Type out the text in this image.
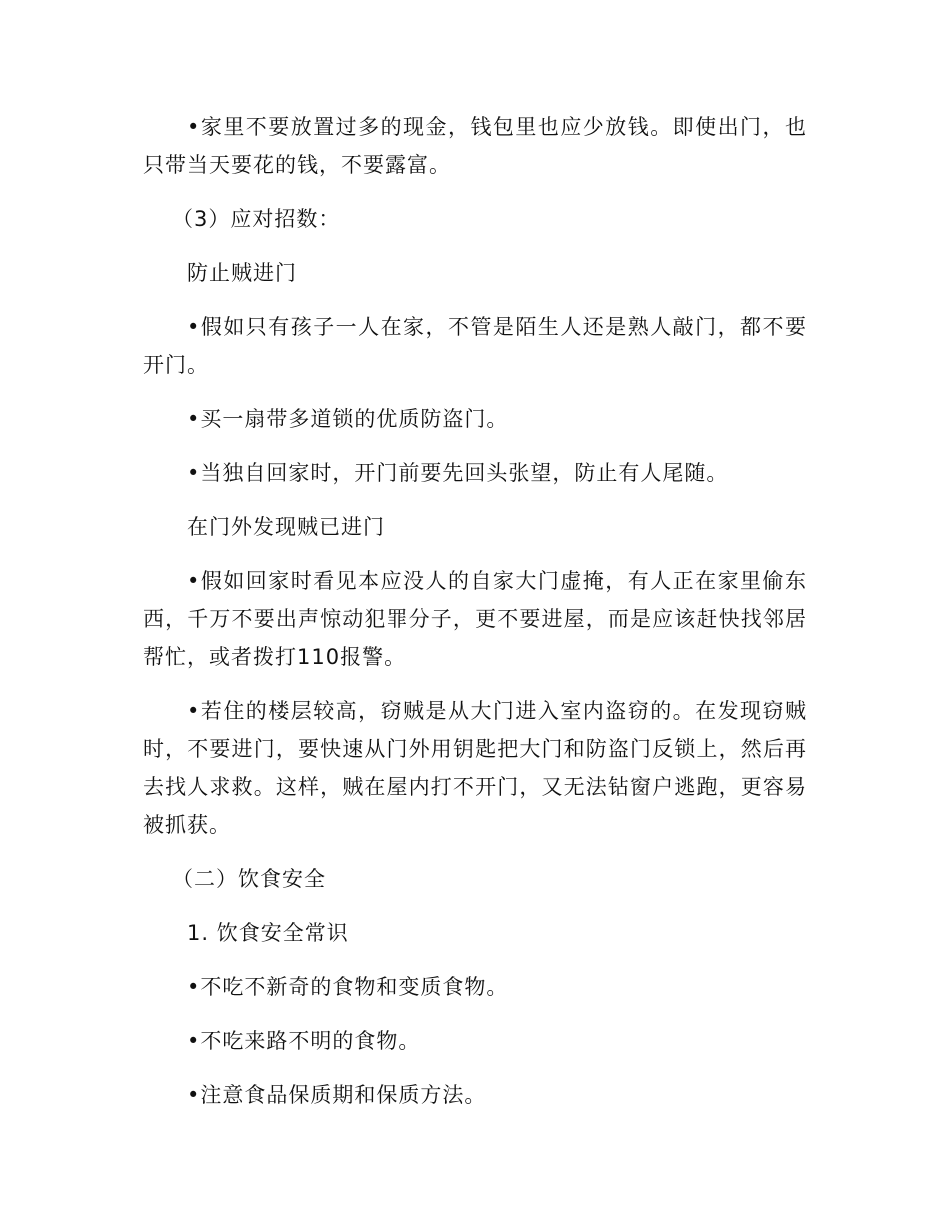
•家里不要放置过多的现金，钱包里也应少放钱。即使出门，也只带当天要花的钱，不要露富。

（3）应对招数：

防止贼进门

•假如只有孩子一人在家，不管是陌生人还是熟人敲门，都不要开门。

•买一扇带多道锁的优质防盗门。

•当独自回家时，开门前要先回头张望，防止有人尾随。

在门外发现贼已进门

•假如回家时看见本应没人的自家大门虚掩，有人正在家里偷东西，千万不要出声惊动犯罪分子，更不要进屋，而是应该赶快找邻居帮忙，或者拨打110报警。

•若住的楼层较高，窃贼是从大门进入室内盗窃的。在发现窃贼时，不要进门，要快速从门外用钥匙把大门和防盗门反锁上，然后再去找人求救。这样，贼在屋内打不开门，又无法钻窗户逃跑，更容易被抓获。

（二）饮食安全

1. 饮食安全常识

•不吃不新奇的食物和变质食物。

•不吃来路不明的食物。

•注意食品保质期和保质方法。
